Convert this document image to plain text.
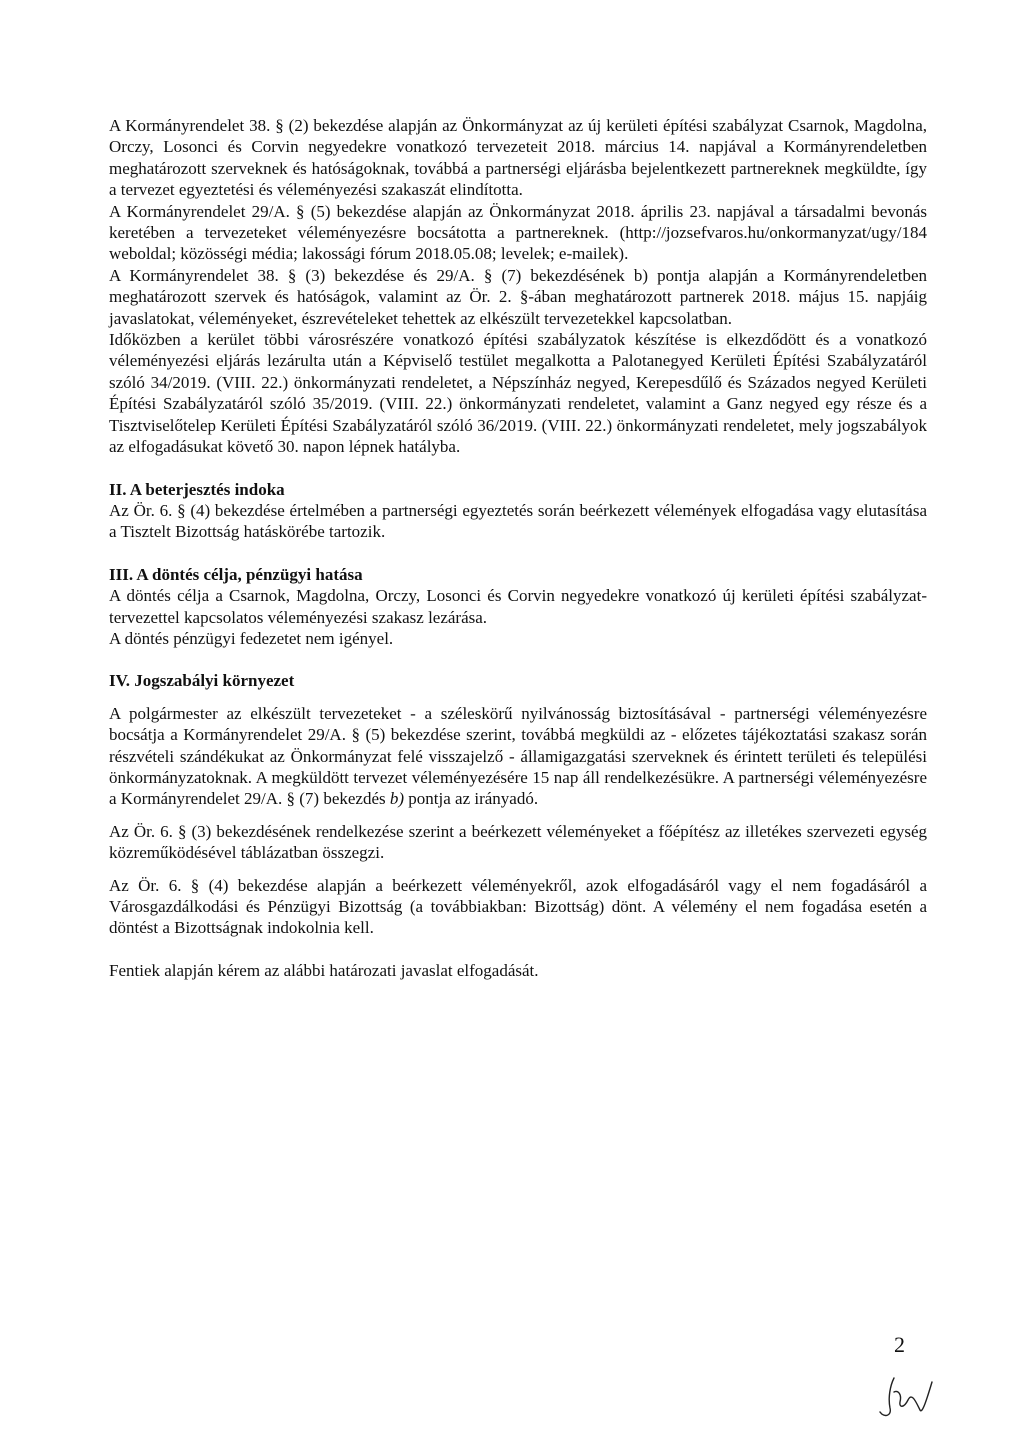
A Kormányrendelet 38. § (2) bekezdése alapján az Önkormányzat az új kerületi építési szabályzat Csarnok, Magdolna, Orczy, Losonci és Corvin negyedekre vonatkozó tervezeteit 2018. március 14. napjával a Kormányrendeletben meghatározott szerveknek és hatóságoknak, továbbá a partnerségi eljárásba bejelentkezett partnereknek megküldte, így a tervezet egyeztetési és véleményezési szakaszát elindította.

A Kormányrendelet 29/A. § (5) bekezdése alapján az Önkormányzat 2018. április 23. napjával a társadalmi bevonás keretében a tervezeteket véleményezésre bocsátotta a partnereknek. (http://jozsefvaros.hu/onkormanyzat/ugy/184 weboldal; közösségi média; lakossági fórum 2018.05.08; levelek; e-mailek).

A Kormányrendelet 38. § (3) bekezdése és 29/A. § (7) bekezdésének b) pontja alapján a Kormányrendeletben meghatározott szervek és hatóságok, valamint az Ör. 2. §-ában meghatározott partnerek 2018. május 15. napjáig javaslatokat, véleményeket, észrevételeket tehettek az elkészült tervezetekkel kapcsolatban.

Időközben a kerület többi városrészére vonatkozó építési szabályzatok készítése is elkezdődött és a vonatkozó véleményezési eljárás lezárulta után a Képviselő testület megalkotta a Palotanegyed Kerületi Építési Szabályzatáról szóló 34/2019. (VIII. 22.) önkormányzati rendeletet, a Népszínház negyed, Kerepesdűlő és Százados negyed Kerületi Építési Szabályzatáról szóló 35/2019. (VIII. 22.) önkormányzati rendeletet, valamint a Ganz negyed egy része és a Tisztviselőtelep Kerületi Építési Szabályzatáról szóló 36/2019. (VIII. 22.) önkormányzati rendeletet, mely jogszabályok az elfogadásukat követő 30. napon lépnek hatályba.

II. A beterjesztés indoka

Az Ör. 6. § (4) bekezdése értelmében a partnerségi egyeztetés során beérkezett vélemények elfogadása vagy elutasítása a Tisztelt Bizottság hatáskörébe tartozik.

III. A döntés célja, pénzügyi hatása

A döntés célja a Csarnok, Magdolna, Orczy, Losonci és Corvin negyedekre vonatkozó új kerületi építési szabályzat-tervezettel kapcsolatos véleményezési szakasz lezárása.

A döntés pénzügyi fedezetet nem igényel.

IV. Jogszabályi környezet

A polgármester az elkészült tervezeteket - a széleskörű nyilvánosság biztosításával - partnerségi véleményezésre bocsátja a Kormányrendelet 29/A. § (5) bekezdése szerint, továbbá megküldi az - előzetes tájékoztatási szakasz során részvételi szándékukat az Önkormányzat felé visszajelző - államigazgatási szerveknek és érintett területi és települési önkormányzatoknak. A megküldött tervezet véleményezésére 15 nap áll rendelkezésükre. A partnerségi véleményezésre a Kormányrendelet 29/A. § (7) bekezdés b) pontja az irányadó.

Az Ör. 6. § (3) bekezdésének rendelkezése szerint a beérkezett véleményeket a főépítész az illetékes szervezeti egység közreműködésével táblázatban összegzi.

Az Ör. 6. § (4) bekezdése alapján a beérkezett véleményekről, azok elfogadásáról vagy el nem fogadásáról a Városgazdálkodási és Pénzügyi Bizottság (a továbbiakban: Bizottság) dönt. A vélemény el nem fogadása esetén a döntést a Bizottságnak indokolnia kell.

Fentiek alapján kérem az alábbi határozati javaslat elfogadását.

2
